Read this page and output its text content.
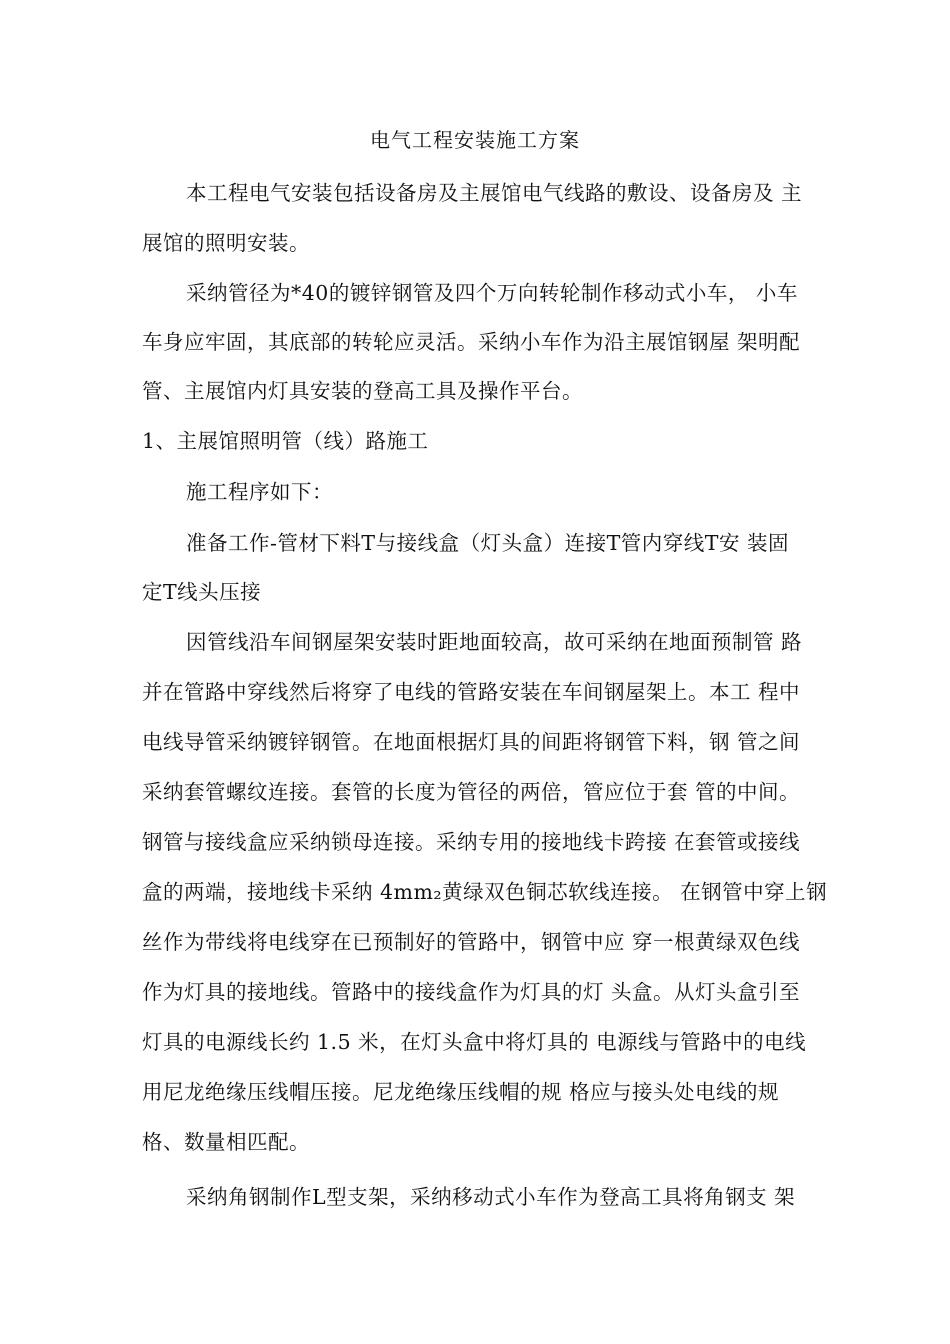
电气工程安装施工方案
本工程电气安装包括设备房及主展馆电气线路的敷设、设备房及 主
展馆的照明安装。
采纳管径为*40的镀锌钢管及四个万向转轮制作移动式小车， 小车
车身应牢固，其底部的转轮应灵活。采纳小车作为沿主展馆钢屋 架明配
管、主展馆内灯具安装的登高工具及操作平台。
1、主展馆照明管（线）路施工
施工程序如下：
准备工作-管材下料T与接线盒（灯头盒）连接T管内穿线T安 装固
定T线头压接
因管线沿车间钢屋架安装时距地面较高，故可采纳在地面预制管 路
并在管路中穿线然后将穿了电线的管路安装在车间钢屋架上。本工 程中
电线导管采纳镀锌钢管。在地面根据灯具的间距将钢管下料，钢 管之间
采纳套管螺纹连接。套管的长度为管径的两倍，管应位于套 管的中间。
钢管与接线盒应采纳锁母连接。采纳专用的接地线卡跨接 在套管或接线
盒的两端，接地线卡采纳 4mm₂黄绿双色铜芯软线连接。 在钢管中穿上钢
丝作为带线将电线穿在已预制好的管路中，钢管中应 穿一根黄绿双色线
作为灯具的接地线。管路中的接线盒作为灯具的灯 头盒。从灯头盒引至
灯具的电源线长约 1.5 米，在灯头盒中将灯具的 电源线与管路中的电线
用尼龙绝缘压线帽压接。尼龙绝缘压线帽的规 格应与接头处电线的规
格、数量相匹配。
采纳角钢制作L型支架，采纳移动式小车作为登高工具将角钢支 架
